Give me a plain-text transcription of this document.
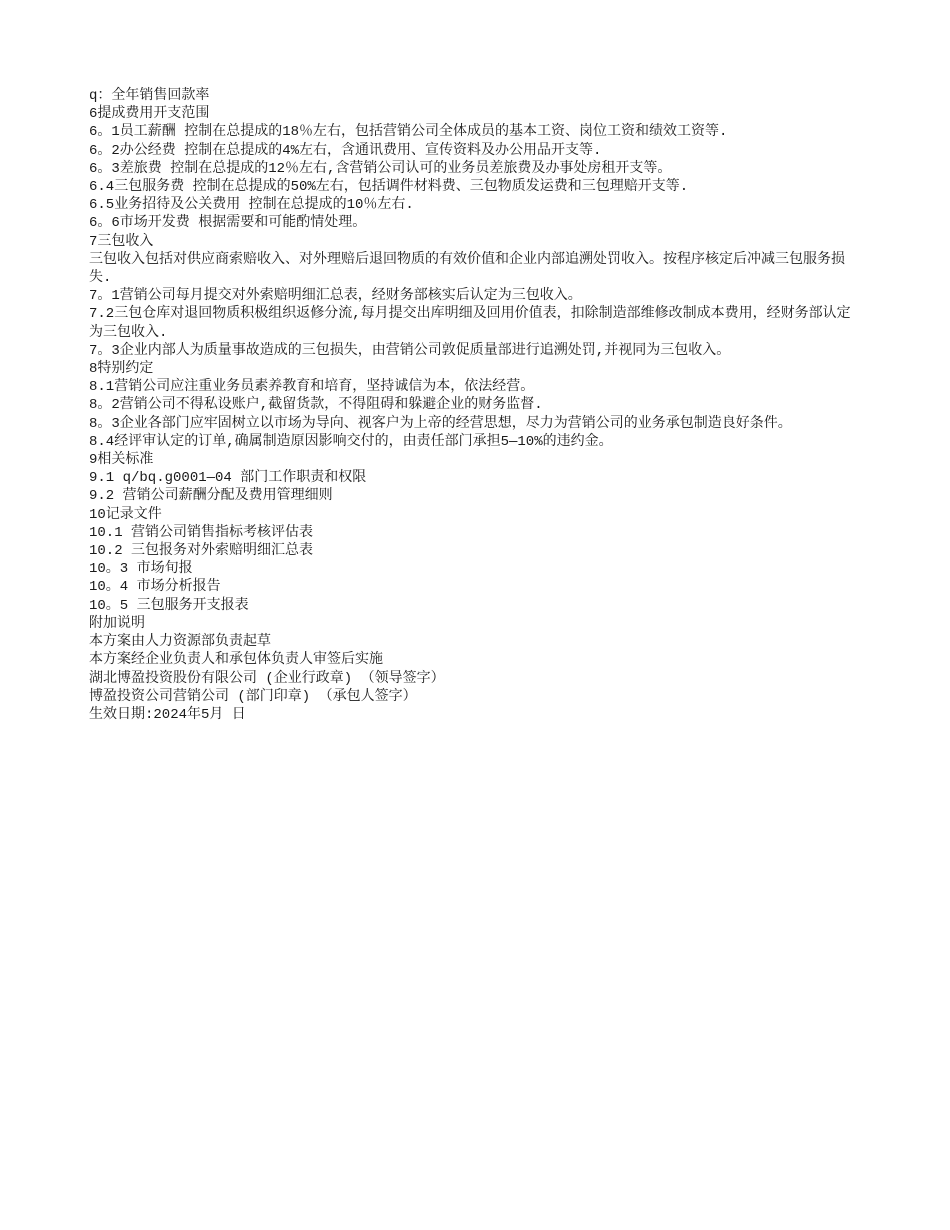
q：全年销售回款率

6提成费用开支范围

6。1员工薪酬 控制在总提成的18％左右，包括营销公司全体成员的基本工资、岗位工资和绩效工资等.

6。2办公经费 控制在总提成的4%左右，含通讯费用、宣传资料及办公用品开支等.

6。3差旅费 控制在总提成的12％左右,含营销公司认可的业务员差旅费及办事处房租开支等。

6.4三包服务费 控制在总提成的50%左右，包括调件材料费、三包物质发运费和三包理赔开支等.

6.5业务招待及公关费用 控制在总提成的10％左右.

6。6市场开发费 根据需要和可能酌情处理。

7三包收入

三包收入包括对供应商索赔收入、对外理赔后退回物质的有效价值和企业内部追溯处罚收入。按程序核定后冲减三包服务损失.

7。1营销公司每月提交对外索赔明细汇总表，经财务部核实后认定为三包收入。

7.2三包仓库对退回物质积极组织返修分流,每月提交出库明细及回用价值表，扣除制造部维修改制成本费用，经财务部认定为三包收入.

7。3企业内部人为质量事故造成的三包损失，由营销公司敦促质量部进行追溯处罚,并视同为三包收入。

8特别约定

8.1营销公司应注重业务员素养教育和培育，坚持诚信为本，依法经营。

8。2营销公司不得私设账户,截留货款，不得阻碍和躲避企业的财务监督.

8。3企业各部门应牢固树立以市场为导向、视客户为上帝的经营思想，尽力为营销公司的业务承包制造良好条件。

8.4经评审认定的订单,确属制造原因影响交付的，由责任部门承担5—10%的违约金。

9相关标准

9.1 q/bq.g0001—04 部门工作职责和权限

9.2 营销公司薪酬分配及费用管理细则

10记录文件

10.1 营销公司销售指标考核评估表

10.2 三包报务对外索赔明细汇总表

10。3 市场旬报

10。4 市场分析报告

10。5 三包服务开支报表

附加说明

本方案由人力资源部负责起草

本方案经企业负责人和承包体负责人审签后实施

湖北博盈投资股份有限公司 (企业行政章) （领导签字）

博盈投资公司营销公司 (部门印章) （承包人签字）

生效日期:2024年5月 日
